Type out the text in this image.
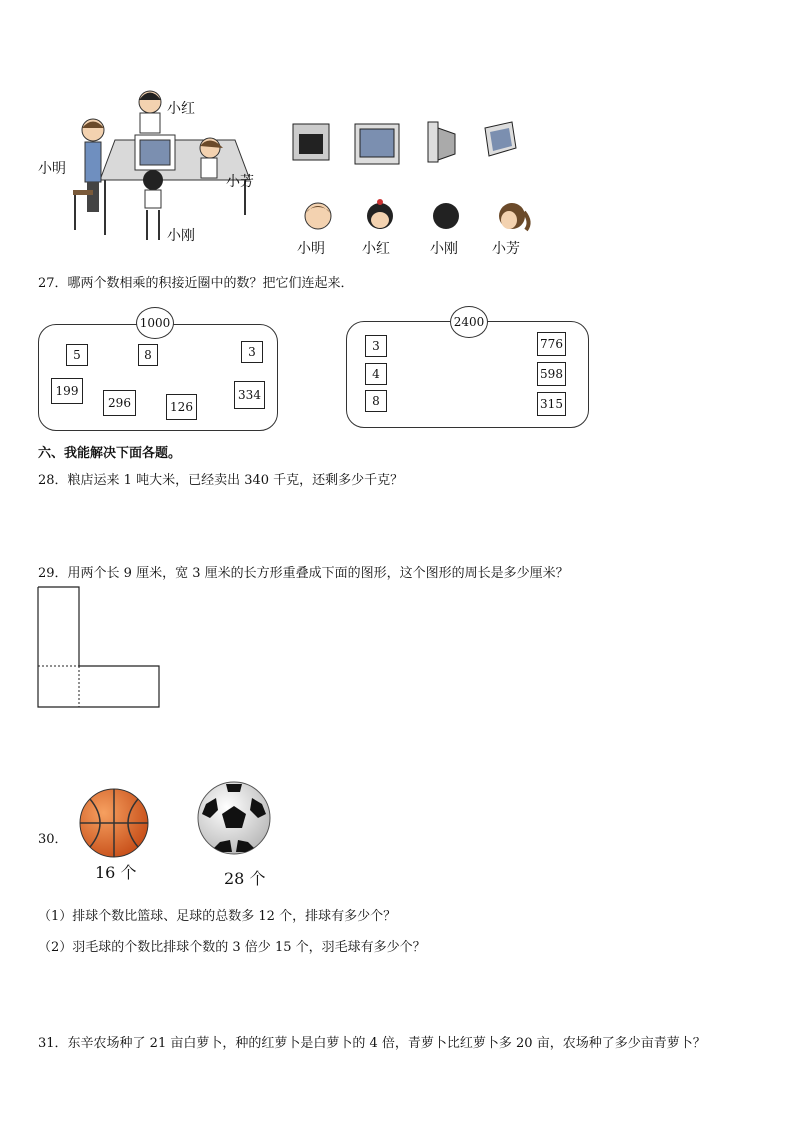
小红
小明
小芳
小刚
小明	小红	小刚 小芳
27．哪两个数相乘的积接近圈中的数？把它们连起来．
1000
5	8	3
199
296	126
334
2400
3
4
8
776
598
315
六、我能解决下面各题。
28．粮店运来 1 吨大米，已经卖出 340 千克，还剩多少千克？
29．用两个长 9 厘米，宽 3 厘米的长方形重叠成下面的图形，这个图形的周长是多少厘米？
30．
16 个	28 个
（1）排球个数比篮球、足球的总数多 12 个，排球有多少个？
（2）羽毛球的个数比排球个数的 3 倍少 15 个，羽毛球有多少个？
31．东辛农场种了 21 亩白萝卜，种的红萝卜是白萝卜的 4 倍，青萝卜比红萝卜多 20 亩，农场种了多少亩青萝卜？
